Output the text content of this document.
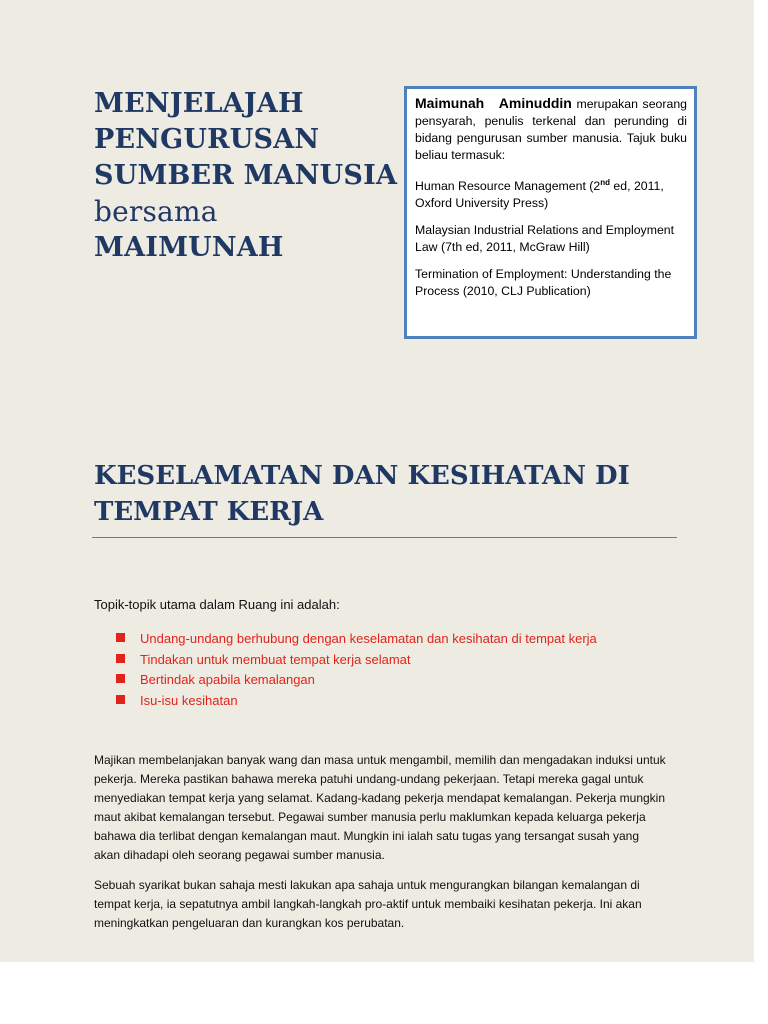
MENJELAJAH
PENGURUSAN
SUMBER MANUSIA
bersama
MAIMUNAH

Maimunah Aminuddin merupakan seorang pensyarah, penulis terkenal dan perunding di bidang pengurusan sumber manusia. Tajuk buku beliau termasuk:

Human Resource Management (2nd ed, 2011, Oxford University Press)

Malaysian Industrial Relations and Employment Law (7th ed, 2011, McGraw Hill)

Termination of Employment: Understanding the Process (2010, CLJ Publication)

KESELAMATAN DAN KESIHATAN DI
TEMPAT KERJA
Topik-topik utama dalam Ruang ini adalah:
Undang-undang berhubung dengan keselamatan dan kesihatan di tempat kerja
Tindakan untuk membuat tempat kerja selamat
Bertindak apabila kemalangan
Isu-isu kesihatan

Majikan membelanjakan banyak wang dan masa untuk mengambil, memilih dan mengadakan induksi untuk pekerja. Mereka pastikan bahawa mereka patuhi undang-undang pekerjaan. Tetapi mereka gagal untuk menyediakan tempat kerja yang selamat. Kadang-kadang pekerja mendapat kemalangan. Pekerja mungkin maut akibat kemalangan tersebut. Pegawai sumber manusia perlu maklumkan kepada keluarga pekerja bahawa dia terlibat dengan kemalangan maut. Mungkin ini ialah satu tugas yang tersangat susah yang akan dihadapi oleh seorang pegawai sumber manusia.

Sebuah syarikat bukan sahaja mesti lakukan apa sahaja untuk mengurangkan bilangan kemalangan di tempat kerja, ia sepatutnya ambil langkah-langkah pro-aktif untuk membaiki kesihatan pekerja. Ini akan meningkatkan pengeluaran dan kurangkan kos perubatan.
